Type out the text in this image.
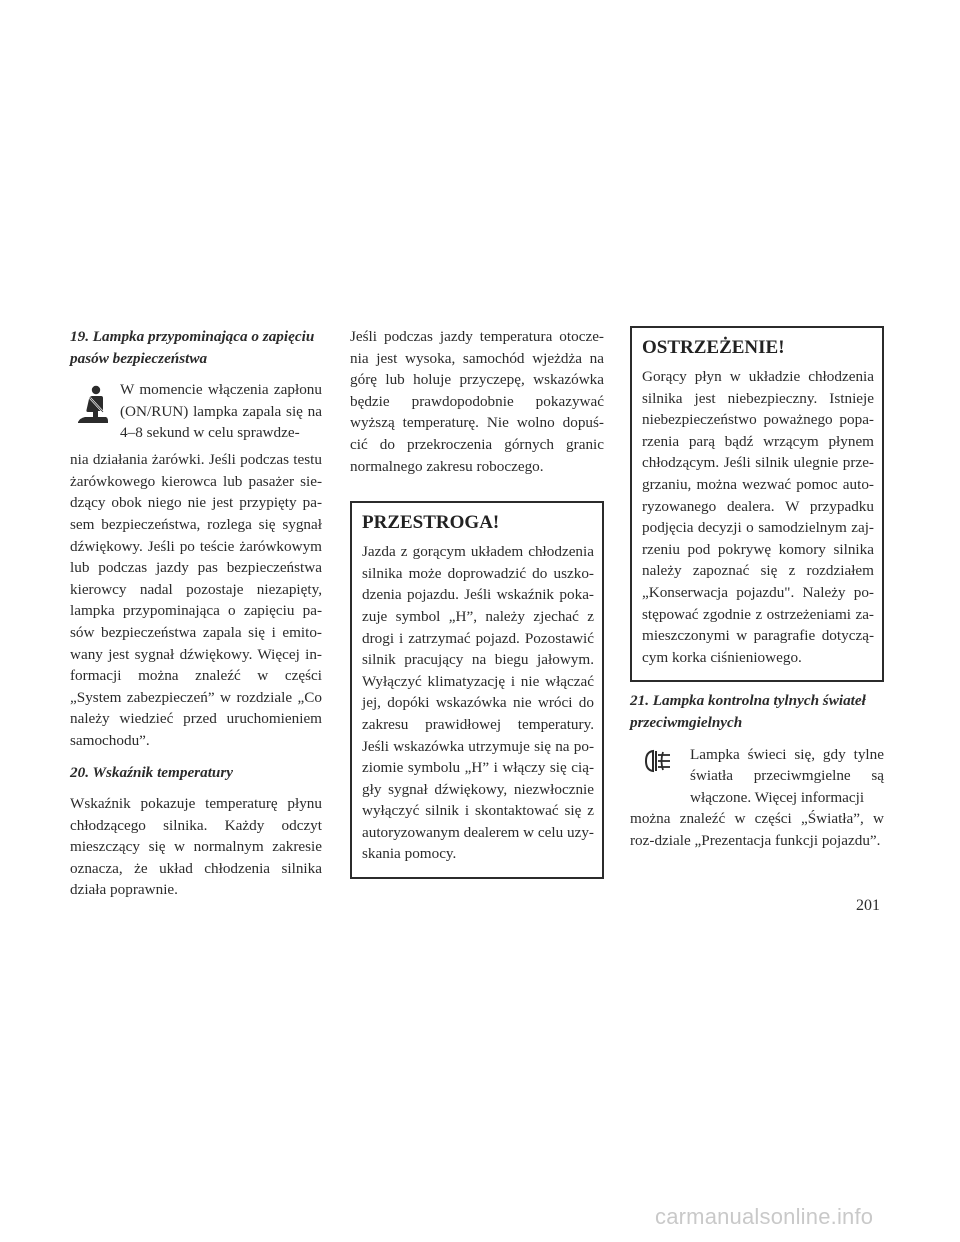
19. Lampka przypominająca o zapięciu pasów bezpieczeństwa

W momencie włączenia zapłonu (ON/RUN) lampka zapala się na 4–8 sekund w celu sprawdze-

nia działania żarówki. Jeśli podczas testu żarówkowego kierowca lub pasażer sie-dzący obok niego nie jest przypięty pa-sem bezpieczeństwa, rozlega się sygnał dźwiękowy. Jeśli po teście żarówkowym lub podczas jazdy pas bezpieczeństwa kierowcy nadal pozostaje niezapięty, lampka przypominająca o zapięciu pa-sów bezpieczeństwa zapala się i emito-wany jest sygnał dźwiękowy. Więcej in-formacji można znaleźć w części „System zabezpieczeń” w rozdziale „Co należy wiedzieć przed uruchomieniem samochodu”.

20. Wskaźnik temperatury

Wskaźnik pokazuje temperaturę płynu chłodzącego silnika. Każdy odczyt mieszczący się w normalnym zakresie oznacza, że układ chłodzenia silnika działa poprawnie.

Jeśli podczas jazdy temperatura otocze-nia jest wysoka, samochód wjeżdża na górę lub holuje przyczepę, wskazówka będzie prawdopodobnie pokazywać wyższą temperaturę. Nie wolno dopuś-cić do przekroczenia górnych granic normalnego zakresu roboczego.

PRZESTROGA!

Jazda z gorącym układem chłodzenia silnika może doprowadzić do uszko-dzenia pojazdu. Jeśli wskaźnik poka-zuje symbol „H”, należy zjechać z drogi i zatrzymać pojazd. Pozostawić silnik pracujący na biegu jałowym. Wyłączyć klimatyzację i nie włączać jej, dopóki wskazówka nie wróci do zakresu prawidłowej temperatury. Jeśli wskazówka utrzymuje się na po-ziomie symbolu „H” i włączy się cią-gły sygnał dźwiękowy, niezwłocznie wyłączyć silnik i skontaktować się z autoryzowanym dealerem w celu uzy-skania pomocy.

OSTRZEŻENIE!

Gorący płyn w układzie chłodzenia silnika jest niebezpieczny. Istnieje niebezpieczeństwo poważnego popa-rzenia parą bądź wrzącym płynem chłodzącym. Jeśli silnik ulegnie prze-grzaniu, można wezwać pomoc auto-ryzowanego dealera. W przypadku podjęcia decyzji o samodzielnym zaj-rzeniu pod pokrywę komory silnika należy zapoznać się z rozdziałem „Konserwacja pojazdu". Należy po-stępować zgodnie z ostrzeżeniami za-mieszczonymi w paragrafie dotyczą-cym korka ciśnieniowego.

21. Lampka kontrolna tylnych świateł przeciwmgielnych

Lampka świeci się, gdy tylne światła przeciwmgielne są włączone. Więcej informacji

można znaleźć w części „Światła”, w roz-dziale „Prezentacja funkcji pojazdu”.

201
carmanualsonline.info
